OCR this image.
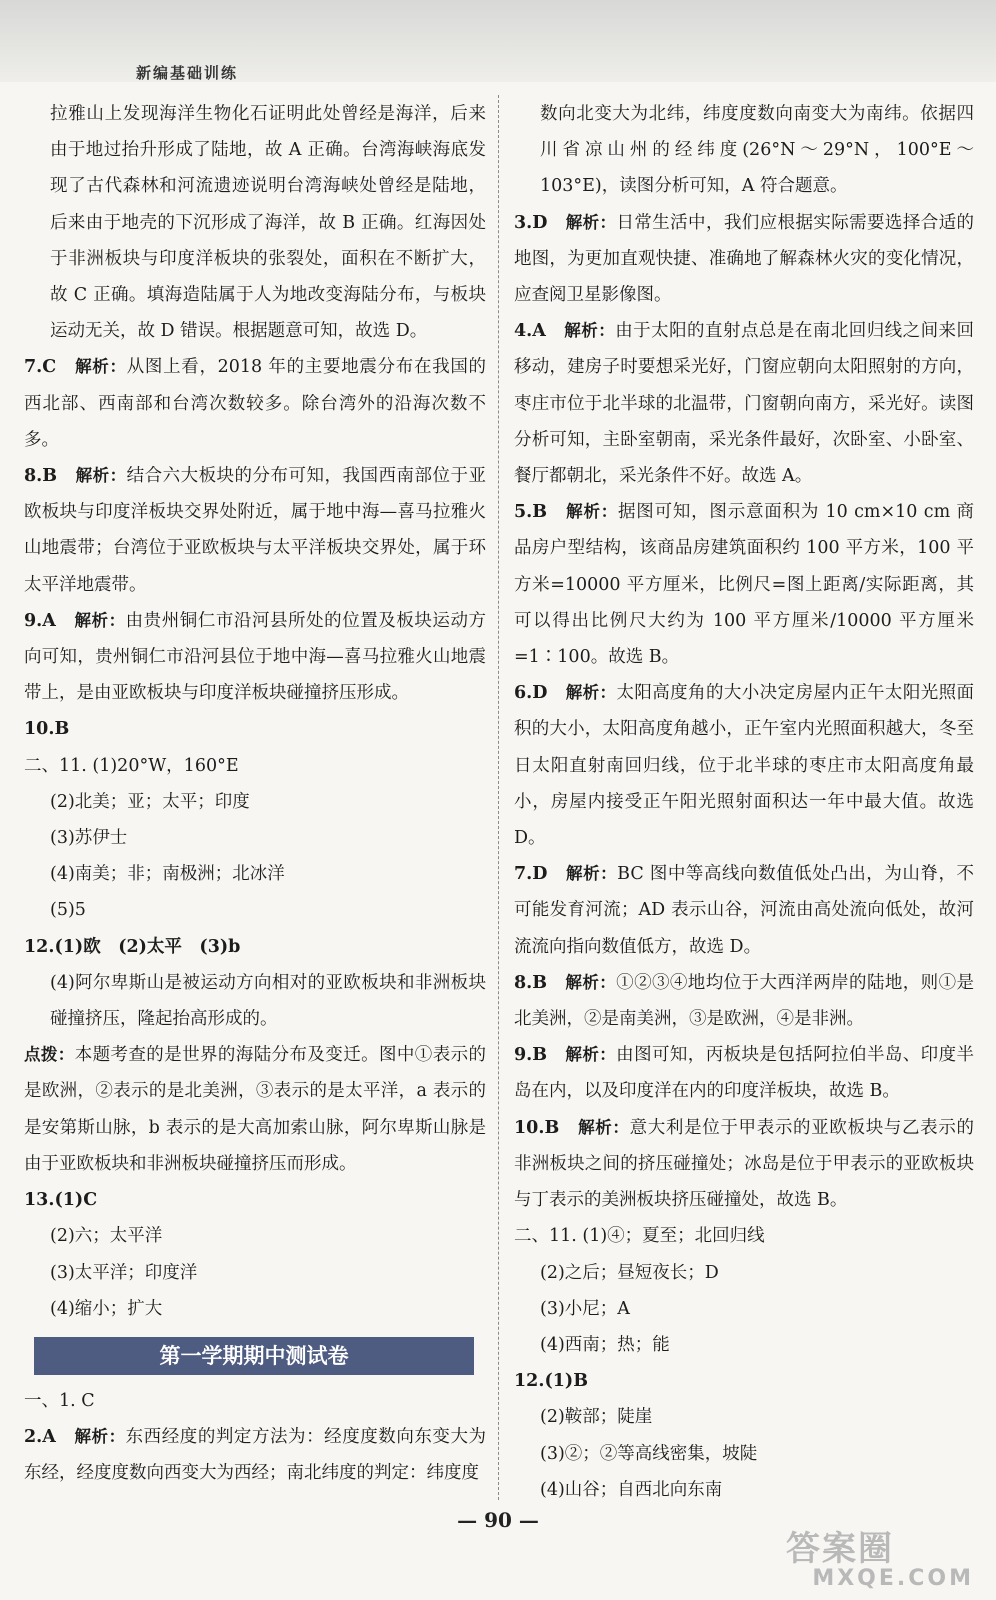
新编基础训练
拉雅山上发现海洋生物化石证明此处曾经是海洋，后来由于地过抬升形成了陆地，故 A 正确。台湾海峡海底发现了古代森林和河流遗迹说明台湾海峡处曾经是陆地，后来由于地壳的下沉形成了海洋，故 B 正确。红海因处于非洲板块与印度洋板块的张裂处，面积在不断扩大，故 C 正确。填海造陆属于人为地改变海陆分布，与板块运动无关，故 D 错误。根据题意可知，故选 D。
7.C　 解析：从图上看，2018 年的主要地震分布在我国的西北部、西南部和台湾次数较多。除台湾外的沿海次数不多。
8.B　 解析：结合六大板块的分布可知，我国西南部位于亚欧板块与印度洋板块交界处附近，属于地中海—喜马拉雅火山地震带；台湾位于亚欧板块与太平洋板块交界处，属于环太平洋地震带。
9.A　 解析：由贵州铜仁市沿河县所处的位置及板块运动方向可知，贵州铜仁市沿河县位于地中海—喜马拉雅火山地震带上，是由亚欧板块与印度洋板块碰撞挤压形成。
10.B
二、11. (1)20°W，160°E
(2)北美；亚；太平；印度
(3)苏伊士
(4)南美；非；南极洲；北冰洋
(5)5
12.(1)欧　(2)太平　(3)b
(4)阿尔卑斯山是被运动方向相对的亚欧板块和非洲板块碰撞挤压，隆起抬高形成的。
点拨：本题考查的是世界的海陆分布及变迁。图中①表示的是欧洲，②表示的是北美洲，③表示的是太平洋，a 表示的是安第斯山脉，b 表示的是大高加索山脉，阿尔卑斯山脉是由于亚欧板块和非洲板块碰撞挤压而形成。
13.(1)C
(2)六；太平洋
(3)太平洋；印度洋
(4)缩小；扩大
第一学期期中测试卷
一、1. C
2.A　 解析：东西经度的判定方法为：经度度数向东变大为东经，经度度数向西变大为西经；南北纬度的判定：纬度度
数向北变大为北纬，纬度度数向南变大为南纬。依据四川省凉山州的经纬度(26°N～29°N，100°E～103°E)，读图分析可知，A 符合题意。
3.D　 解析：日常生活中，我们应根据实际需要选择合适的地图，为更加直观快捷、准确地了解森林火灾的变化情况，应查阅卫星影像图。
4.A　 解析：由于太阳的直射点总是在南北回归线之间来回移动，建房子时要想采光好，门窗应朝向太阳照射的方向，枣庄市位于北半球的北温带，门窗朝向南方，采光好。读图分析可知，主卧室朝南，采光条件最好，次卧室、小卧室、餐厅都朝北，采光条件不好。故选 A。
5.B　 解析：据图可知，图示意面积为 10 cm×10 cm 商品房户型结构，该商品房建筑面积约 100 平方米，100 平方米=10000 平方厘米，比例尺=图上距离/实际距离，其可以得出比例尺大约为 100 平方厘米/10000 平方厘米=1∶100。故选 B。
6.D　 解析：太阳高度角的大小决定房屋内正午太阳光照面积的大小，太阳高度角越小，正午室内光照面积越大，冬至日太阳直射南回归线，位于北半球的枣庄市太阳高度角最小，房屋内接受正午阳光照射面积达一年中最大值。故选 D。
7.D　 解析：BC 图中等高线向数值低处凸出，为山脊，不可能发育河流；AD 表示山谷，河流由高处流向低处，故河流流向指向数值低方，故选 D。
8.B　 解析：①②③④地均位于大西洋两岸的陆地，则①是北美洲，②是南美洲，③是欧洲，④是非洲。
9.B　 解析：由图可知，丙板块是包括阿拉伯半岛、印度半岛在内，以及印度洋在内的印度洋板块，故选 B。
10.B　 解析：意大利是位于甲表示的亚欧板块与乙表示的非洲板块之间的挤压碰撞处；冰岛是位于甲表示的亚欧板块与丁表示的美洲板块挤压碰撞处，故选 B。
二、11. (1)④；夏至；北回归线
(2)之后；昼短夜长；D
(3)小尼；A
(4)西南；热；能
12.(1)B
(2)鞍部；陡崖
(3)②；②等高线密集，坡陡
(4)山谷；自西北向东南
— 90 —
答案圈
MXQE.COM
